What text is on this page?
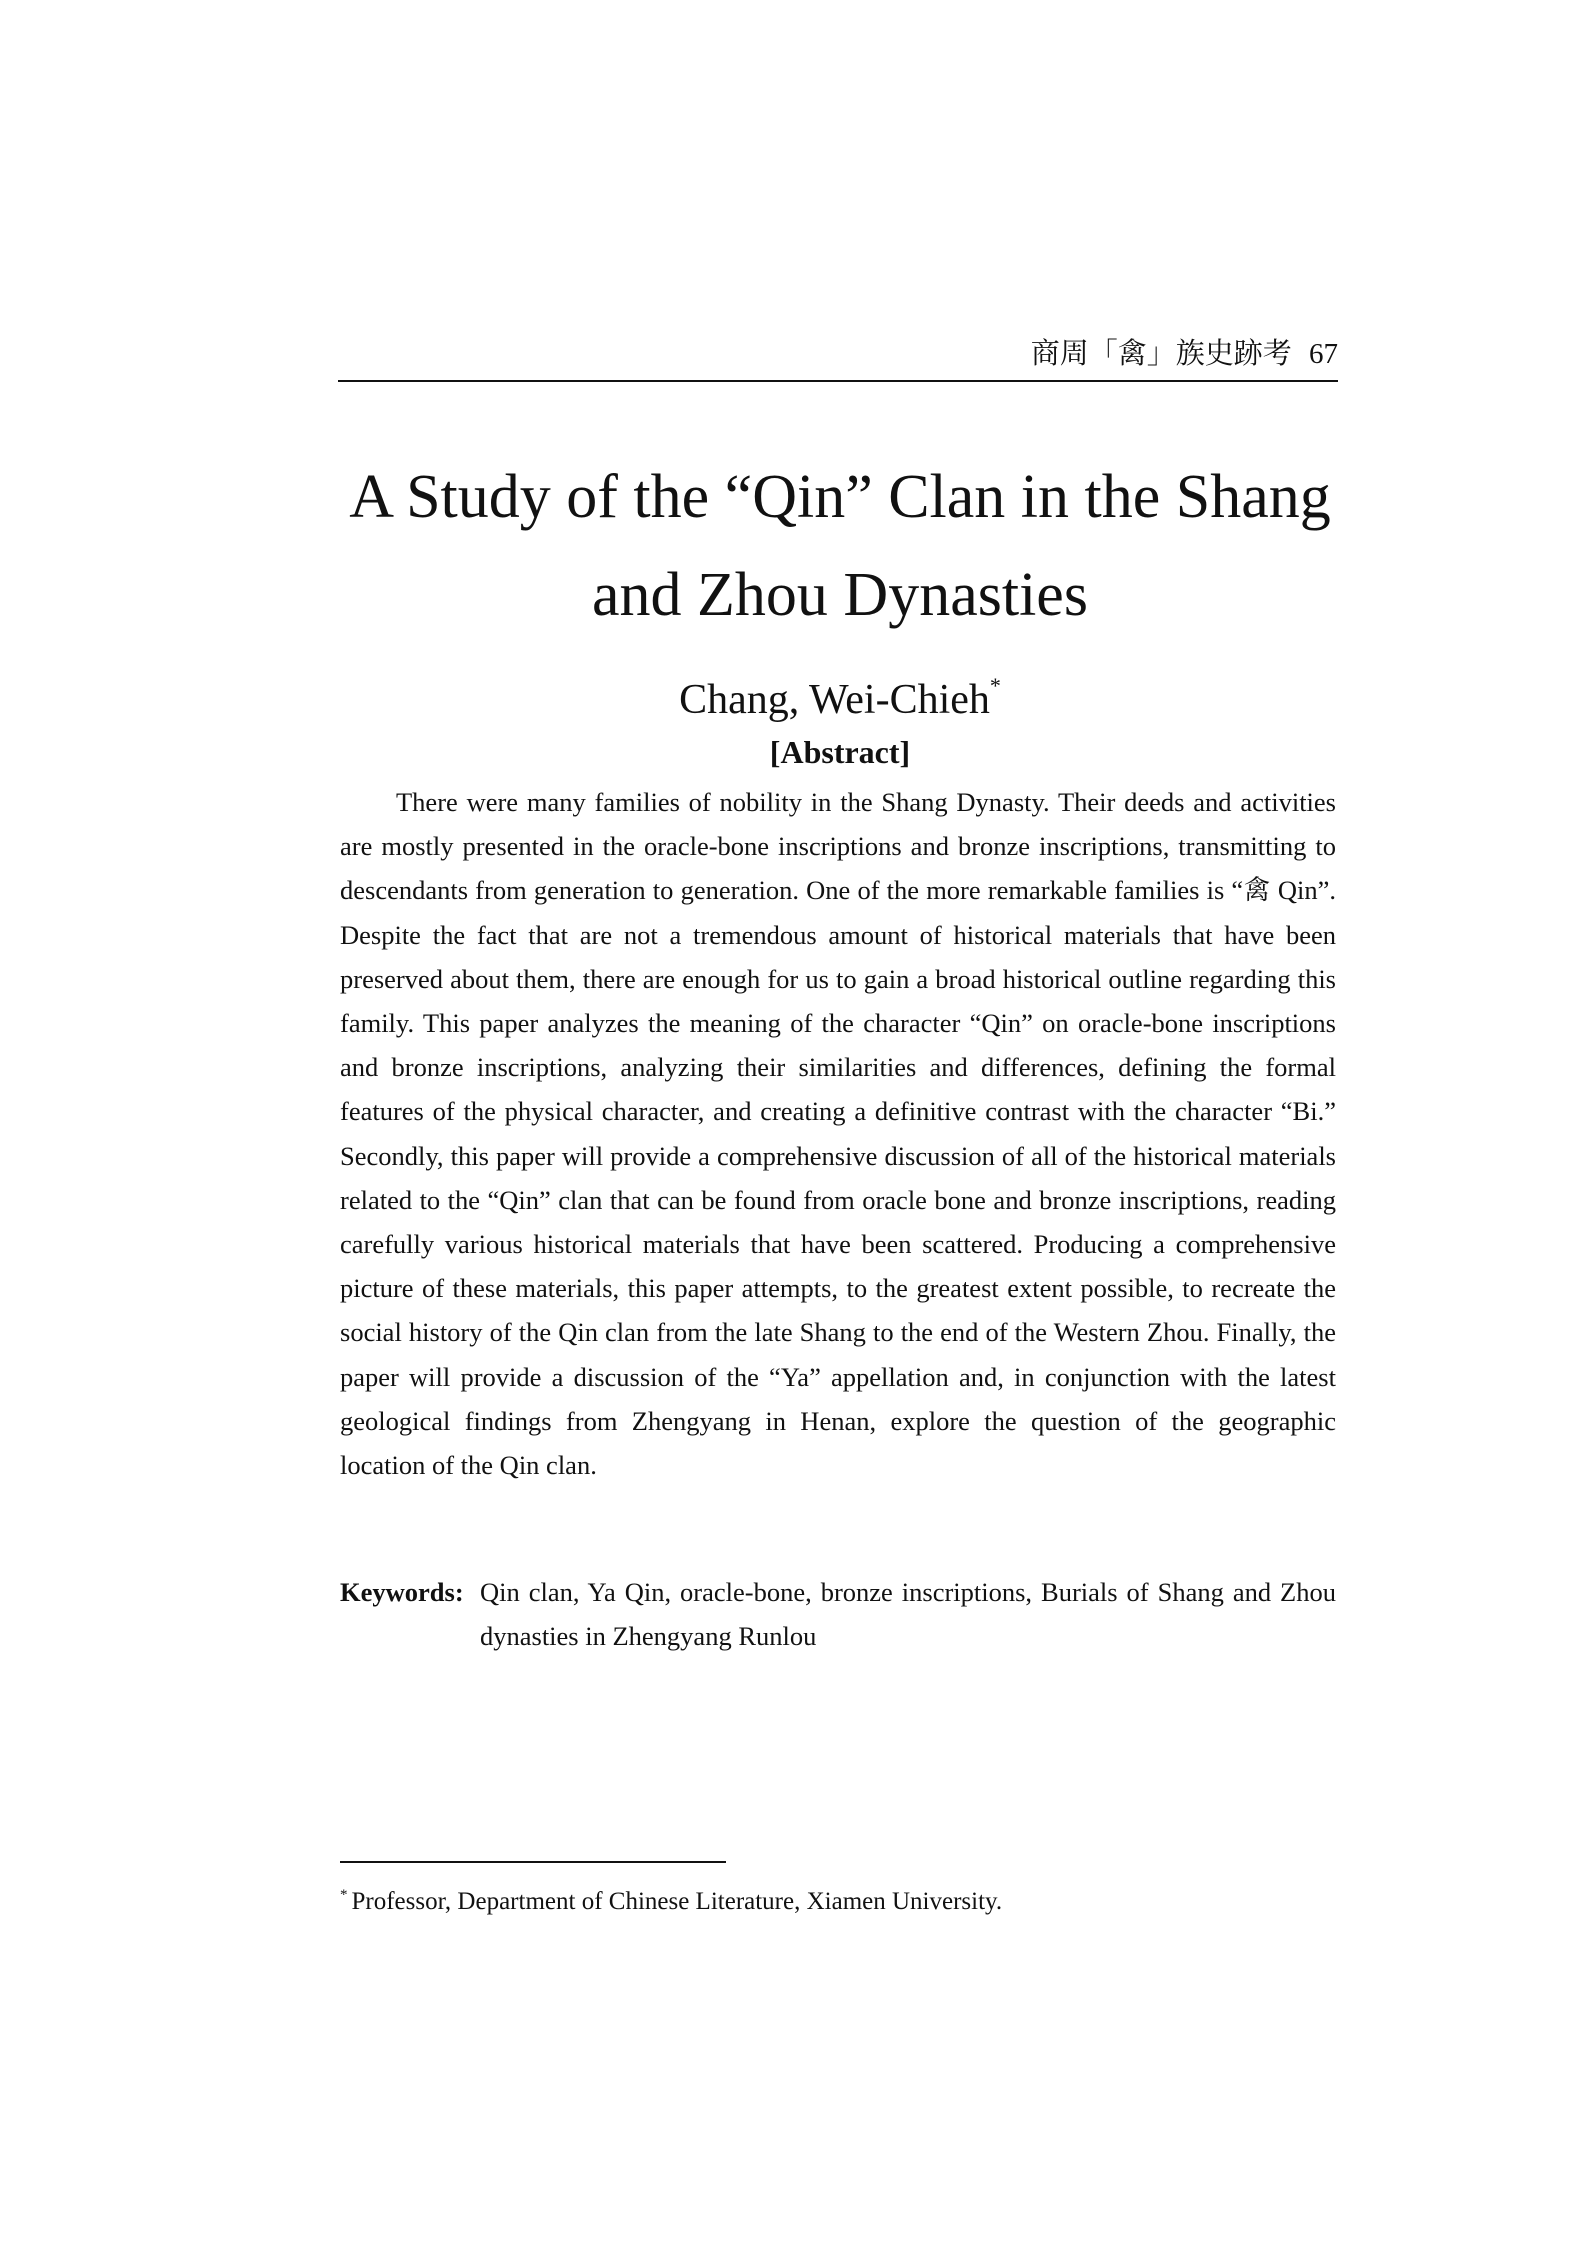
商周「禽」族史跡考 67
A Study of the “Qin” Clan in the Shang and Zhou Dynasties
Chang, Wei-Chieh*
[Abstract]

There were many families of nobility in the Shang Dynasty. Their deeds and activities are mostly presented in the oracle-bone inscriptions and bronze inscriptions, transmitting to descendants from generation to generation. One of the more remarkable families is “禽 Qin”. Despite the fact that are not a tremendous amount of historical materials that have been preserved about them, there are enough for us to gain a broad historical outline regarding this family. This paper analyzes the meaning of the character “Qin” on oracle-bone inscriptions and bronze inscriptions, analyzing their similarities and differences, defining the formal features of the physical character, and creating a definitive contrast with the character “Bi.” Secondly, this paper will provide a comprehensive discussion of all of the historical materials related to the “Qin” clan that can be found from oracle bone and bronze inscriptions, reading carefully various historical materials that have been scattered. Producing a comprehensive picture of these materials, this paper attempts, to the greatest extent possible, to recreate the social history of the Qin clan from the late Shang to the end of the Western Zhou. Finally, the paper will provide a discussion of the “Ya” appellation and, in conjunction with the latest geological findings from Zhengyang in Henan, explore the question of the geographic location of the Qin clan.

Keywords: Qin clan, Ya Qin, oracle-bone, bronze inscriptions, Burials of Shang and Zhou dynasties in Zhengyang Runlou
* Professor, Department of Chinese Literature, Xiamen University.
